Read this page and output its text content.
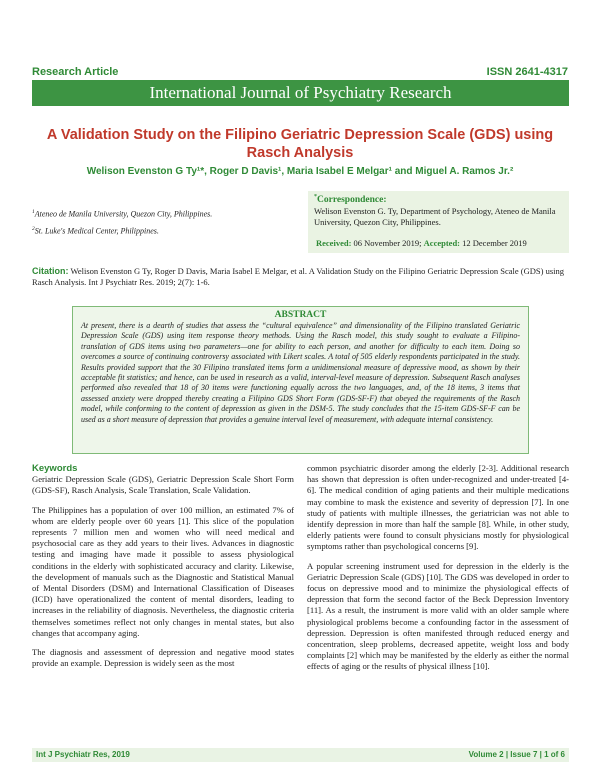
Research Article	ISSN 2641-4317
International Journal of Psychiatry Research
A Validation Study on the Filipino Geriatric Depression Scale (GDS) using Rasch Analysis
Welison Evenston G Ty¹*, Roger D Davis¹, Maria Isabel E Melgar¹ and Miguel A. Ramos Jr.²
$^1$Ateneo de Manila University, Quezon City, Philippines.
$^2$St. Luke's Medical Center, Philippines.
*Correspondence:
Welison Evenston G. Ty, Department of Psychology, Ateneo de Manila University, Quezon City, Philippines.
Received: 06 November 2019; Accepted: 12 December 2019
Citation: Welison Evenston G Ty, Roger D Davis, Maria Isabel E Melgar, et al. A Validation Study on the Filipino Geriatric Depression Scale (GDS) using Rasch Analysis. Int J Psychiatr Res. 2019; 2(7): 1-6.
ABSTRACT
At present, there is a dearth of studies that assess the “cultural equivalence” and dimensionality of the Filipino translated Geriatric Depression Scale (GDS) using item response theory methods. Using the Rasch model, this study sought to evaluate a Filipino-translation of GDS items using two parameters—one for ability to each person, and another for difficulty to each item. Doing so overcomes a source of continuing controversy associated with Likert scales. A total of 505 elderly respondents participated in the study. Results provided support that the 30 Filipino translated items form a unidimensional measure of depressive mood, as shown by their acceptable fit statistics; and hence, can be used in research as a valid, interval-level measure of depression. Subsequent Rasch analyses performed also revealed that 18 of 30 items were functioning equally across the two languages, and, of the 18 items, 3 items that assessed anxiety were dropped thereby creating a Filipino GDS Short Form (GDS-SF-F) that obeyed the requirements of the Rasch model, while conforming to the content of depression as given in the DSM-5. The study concludes that the 15-item GDS-SF-F can be used as a short measure of depression that provides a genuine interval level of measurement, with adequate internal consistency.
Keywords

Geriatric Depression Scale (GDS), Geriatric Depression Scale Short Form (GDS-SF), Rasch Analysis, Scale Translation, Scale Validation.

The Philippines has a population of over 100 million, an estimated 7% of whom are elderly people over 60 years [1]. This slice of the population represents 7 million men and women who will need medical and psychosocial care as they add years to their lives. Advances in diagnostic testing and imaging have made it possible to assess physiological conditions in the elderly with sophisticated accuracy and clarity. Likewise, the development of manuals such as the Diagnostic and Statistical Manual of Mental Disorders (DSM) and International Classification of Diseases (ICD) have operationalized the content of mental disorders, leading to increases in the reliability of diagnosis. Nevertheless, the diagnostic criteria themselves sometimes reflect not only changes in mental states, but also changes that accompany aging.

The diagnosis and assessment of depression and negative mood states provide an example. Depression is widely seen as the most

common psychiatric disorder among the elderly [2-3]. Additional research has shown that depression is often under-recognized and under-treated [4-6]. The medical condition of aging patients and their multiple medications may combine to mask the existence and severity of depression [7]. In one study of patients with multiple illnesses, the geriatrician was not able to identify depression in more than half the sample [8]. While, in other study, elderly patients were found to consult physicians mostly for physiological symptoms rather than psychological concerns [9].

A popular screening instrument used for depression in the elderly is the Geriatric Depression Scale (GDS) [10]. The GDS was developed in order to focus on depressive mood and to minimize the physiological effects of depression that form the second factor of the Beck Depression Inventory [11]. As a result, the instrument is more valid with an older sample where physiological problems become a confounding factor in the assessment of depression. Depression is often manifested through reduced energy and concentration, sleep problems, decreased appetite, weight loss and body complaints [2] which may be manifested by the elderly as either the normal effects of aging or the results of physical illness [10].

Int J Psychiatr Res, 2019	Volume 2 | Issue 7 | 1 of 6
